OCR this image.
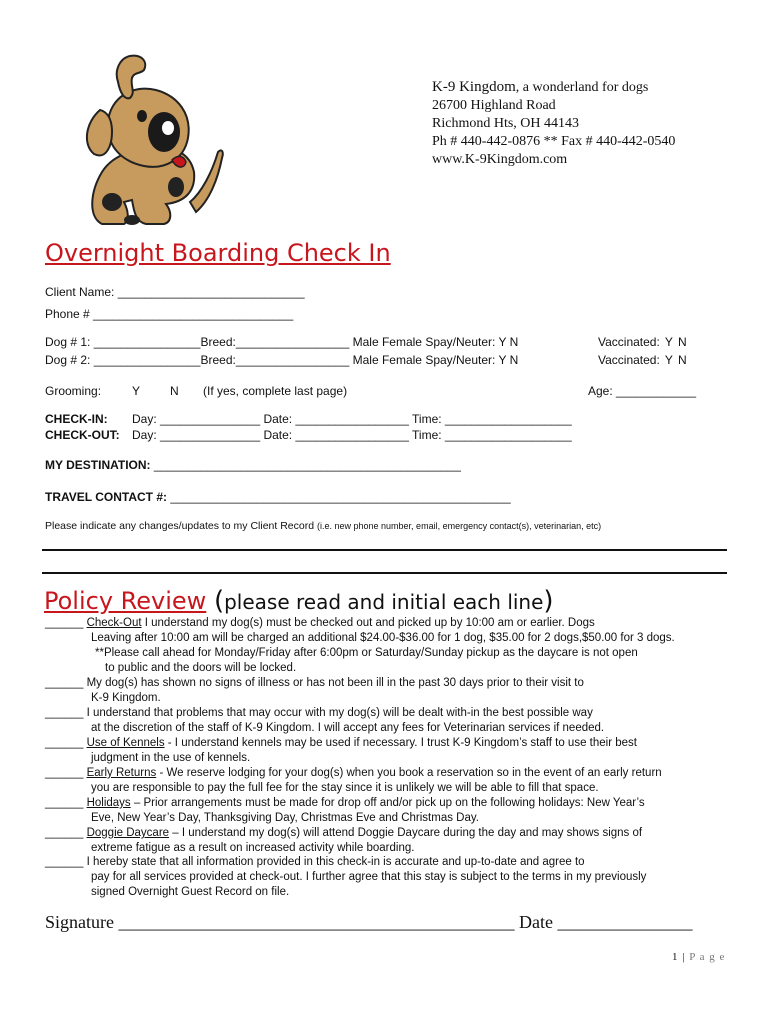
K-9 Kingdom, a wonderland for dogs
26700 Highland Road
Richmond Hts, OH 44143
Ph # 440-442-0876 ** Fax # 440-442-0540
www.K-9Kingdom.com
Overnight Boarding Check In
Client Name: ____________________________
Phone # ______________________________
Dog # 1: ________________Breed:_________________ Male Female Spay/Neuter: Y N	Vaccinated: Y N
Dog # 2: ________________Breed:_________________ Male Female Spay/Neuter: Y N	Vaccinated: Y N
Grooming:	Y N (If yes, complete last page)	Age: ____________
CHECK-IN: Day: _______________ Date: _________________ Time: ___________________
CHECK-OUT: Day: _______________ Date: _________________ Time: ___________________
MY DESTINATION: ______________________________________________
TRAVEL CONTACT #: ___________________________________________________
Please indicate any changes/updates to my Client Record (i.e. new phone number, email, emergency contact(s), veterinarian, etc)
Policy Review (please read and initial each line)
______ Check-Out I understand my dog(s) must be checked out and picked up by 10:00 am or earlier. Dogs
Leaving after 10:00 am will be charged an additional $24.00-$36.00 for 1 dog, $35.00 for 2 dogs,$50.00 for 3 dogs.
**Please call ahead for Monday/Friday after 6:00pm or Saturday/Sunday pickup as the daycare is not open
to public and the doors will be locked.
______ My dog(s) has shown no signs of illness or has not been ill in the past 30 days prior to their visit to
K-9 Kingdom.
______ I understand that problems that may occur with my dog(s) will be dealt with-in the best possible way
at the discretion of the staff of K-9 Kingdom. I will accept any fees for Veterinarian services if needed.
______ Use of Kennels - I understand kennels may be used if necessary. I trust K-9 Kingdom’s staff to use their best
judgment in the use of kennels.
______ Early Returns - We reserve lodging for your dog(s) when you book a reservation so in the event of an early return
you are responsible to pay the full fee for the stay since it is unlikely we will be able to fill that space.
______ Holidays – Prior arrangements must be made for drop off and/or pick up on the following holidays: New Year’s
Eve, New Year’s Day, Thanksgiving Day, Christmas Eve and Christmas Day.
______ Doggie Daycare – I understand my dog(s) will attend Doggie Daycare during the day and may shows signs of
extreme fatigue as a result on increased activity while boarding.
______ I hereby state that all information provided in this check-in is accurate and up-to-date and agree to
pay for all services provided at check-out. I further agree that this stay is subject to the terms in my previously
signed Overnight Guest Record on file.
Signature ____________________________________________ Date _______________
1 | P a g e
